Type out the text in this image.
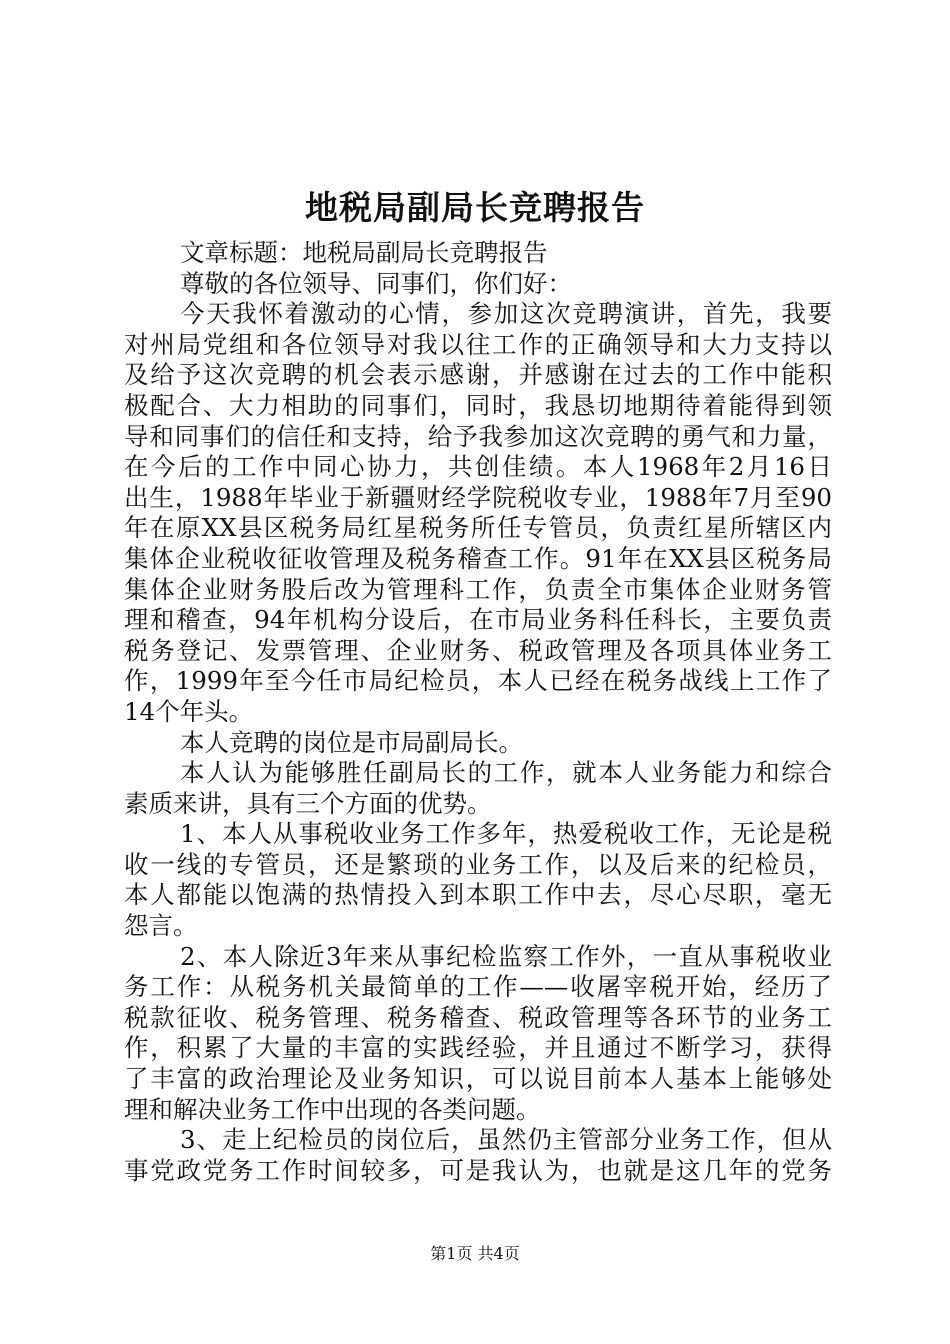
地税局副局长竞聘报告
文章标题：地税局副局长竞聘报告
尊敬的各位领导、同事们，你们好：
今天我怀着激动的心情，参加这次竞聘演讲，首先，我要
对州局党组和各位领导对我以往工作的正确领导和大力支持以
及给予这次竞聘的机会表示感谢，并感谢在过去的工作中能积
极配合、大力相助的同事们，同时，我恳切地期待着能得到领
导和同事们的信任和支持，给予我参加这次竞聘的勇气和力量，
在今后的工作中同心协力，共创佳绩。本人1968年2月16日
出生，1988年毕业于新疆财经学院税收专业，1988年7月至90
年在原XX县区税务局红星税务所任专管员，负责红星所辖区内
集体企业税收征收管理及税务稽查工作。91年在XX县区税务局
集体企业财务股后改为管理科工作，负责全市集体企业财务管
理和稽查，94年机构分设后，在市局业务科任科长，主要负责
税务登记、发票管理、企业财务、税政管理及各项具体业务工
作，1999年至今任市局纪检员，本人已经在税务战线上工作了
14个年头。
本人竞聘的岗位是市局副局长。
本人认为能够胜任副局长的工作，就本人业务能力和综合
素质来讲，具有三个方面的优势。
1、本人从事税收业务工作多年，热爱税收工作，无论是税
收一线的专管员，还是繁琐的业务工作，以及后来的纪检员，
本人都能以饱满的热情投入到本职工作中去，尽心尽职，毫无
怨言。
2、本人除近3年来从事纪检监察工作外，一直从事税收业
务工作：从税务机关最简单的工作——收屠宰税开始，经历了
税款征收、税务管理、税务稽查、税政管理等各环节的业务工
作，积累了大量的丰富的实践经验，并且通过不断学习，获得
了丰富的政治理论及业务知识，可以说目前本人基本上能够处
理和解决业务工作中出现的各类问题。
3、走上纪检员的岗位后，虽然仍主管部分业务工作，但从
事党政党务工作时间较多，可是我认为，也就是这几年的党务
第1页 共4页
